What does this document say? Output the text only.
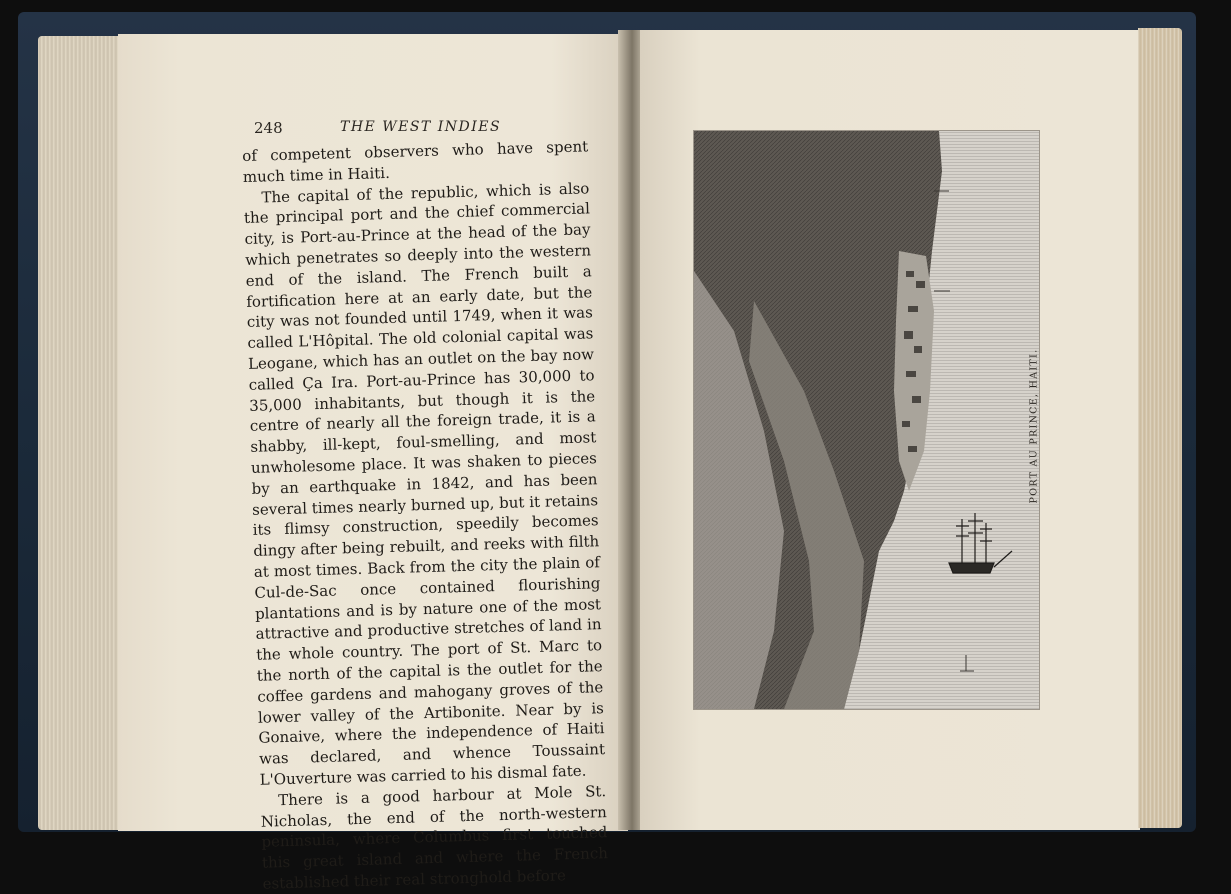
248	THE WEST INDIES

of competent observers who have spent much time in Haiti.

The capital of the republic, which is also the principal port and the chief commercial city, is Port-au-Prince at the head of the bay which penetrates so deeply into the western end of the island. The French built a fortification here at an early date, but the city was not founded until 1749, when it was called L'Hôpital. The old colonial capital was Leogane, which has an outlet on the bay now called Ça Ira. Port-au-Prince has 30,000 to 35,000 inhabitants, but though it is the centre of nearly all the foreign trade, it is a shabby, ill-kept, foul-smelling, and most unwholesome place. It was shaken to pieces by an earthquake in 1842, and has been several times nearly burned up, but it retains its flimsy construction, speedily becomes dingy after being rebuilt, and reeks with filth at most times. Back from the city the plain of Cul-de-Sac once contained flourishing plantations and is by nature one of the most attractive and productive stretches of land in the whole country. The port of St. Marc to the north of the capital is the outlet for the coffee gardens and mahogany groves of the lower valley of the Artibonite. Near by is Gonaive, where the independence of Haiti was declared, and whence Toussaint L'Ouverture was carried to his dismal fate.

There is a good harbour at Mole St. Nicholas, the end of the north-western peninsula, where Columbus first touched this great island and where the French established their real stronghold before

PORT AU PRINCE, HAITI.
